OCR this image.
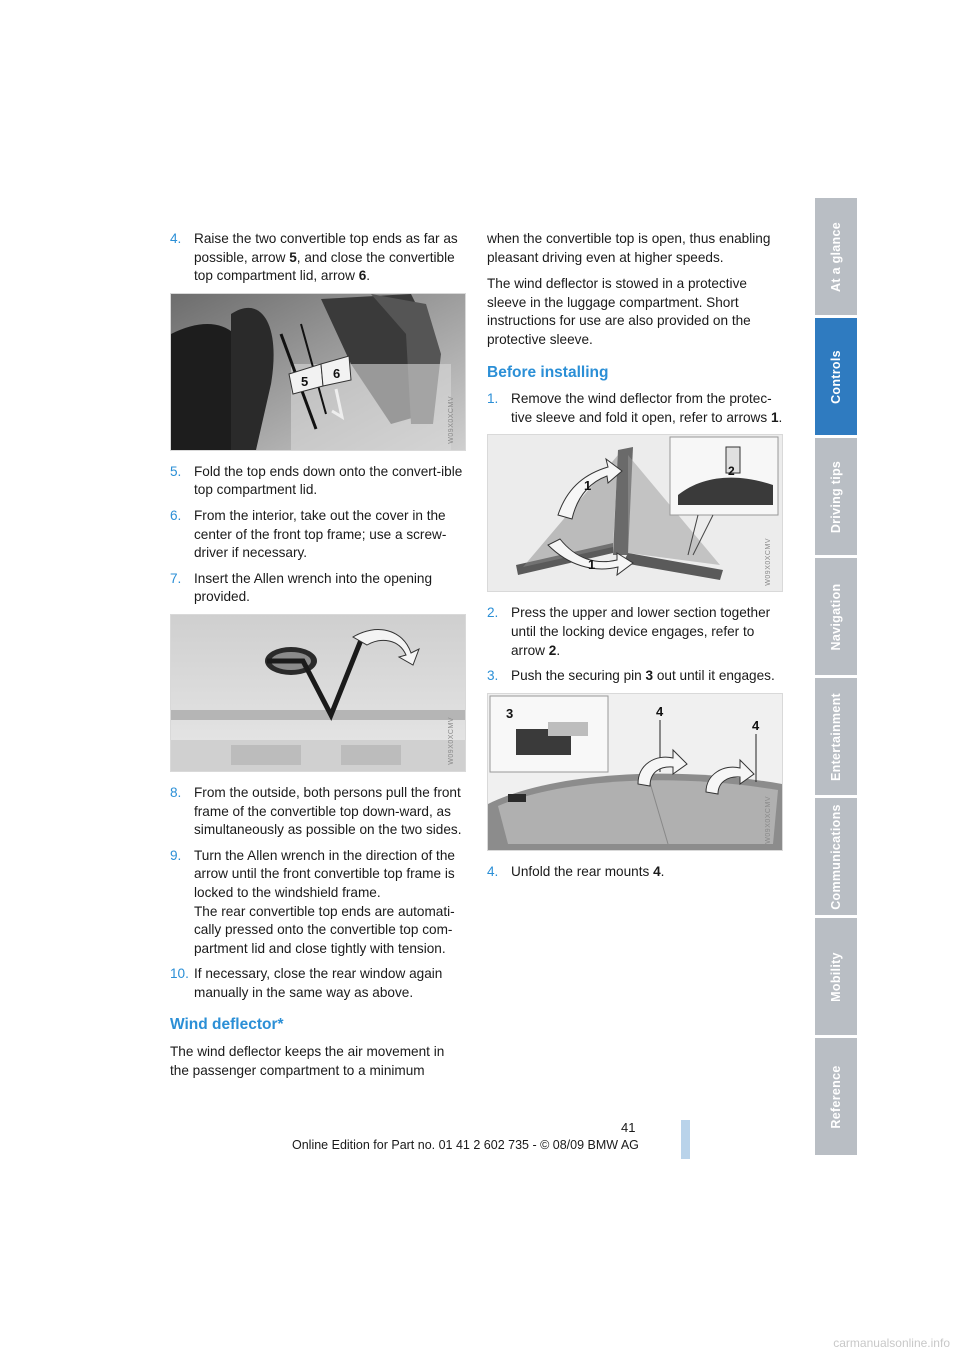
4. Raise the two convertible top ends as far as possible, arrow 5, and close the convertible top compartment lid, arrow 6.
5
6
W09X0XCMV
5. Fold the top ends down onto the convert-ible top compartment lid.
6. From the interior, take out the cover in the center of the front top frame; use a screw-driver if necessary.
7. Insert the Allen wrench into the opening provided.
W09X0XCMV
8. From the outside, both persons pull the front frame of the convertible top down-ward, as simultaneously as possible on the two sides.
9. Turn the Allen wrench in the direction of the arrow until the front convertible top frame is locked to the windshield frame.

The rear convertible top ends are automati-cally pressed onto the convertible top com-partment lid and close tightly with tension.

10. If necessary, close the rear window again manually in the same way as above.
Wind deflector*
The wind deflector keeps the air movement in the passenger compartment to a minimum
when the convertible top is open, thus enabling pleasant driving even at higher speeds.
The wind deflector is stowed in a protective sleeve in the luggage compartment. Short instructions for use are also provided on the protective sleeve.
Before installing
1. Remove the wind deflector from the protec-tive sleeve and fold it open, refer to arrows 1.
1
1
2
W09X0XCMV
2. Press the upper and lower section together until the locking device engages, refer to arrow 2.
3. Push the securing pin 3 out until it engages.
3	4
4
W09X0XCMV
4. Unfold the rear mounts 4.
At a glance
Controls
Driving tips
Navigation
Entertainment
Communications
Mobility
Reference
41
Online Edition for Part no. 01 41 2 602 735 - © 08/09 BMW AG
carmanualsonline.info
